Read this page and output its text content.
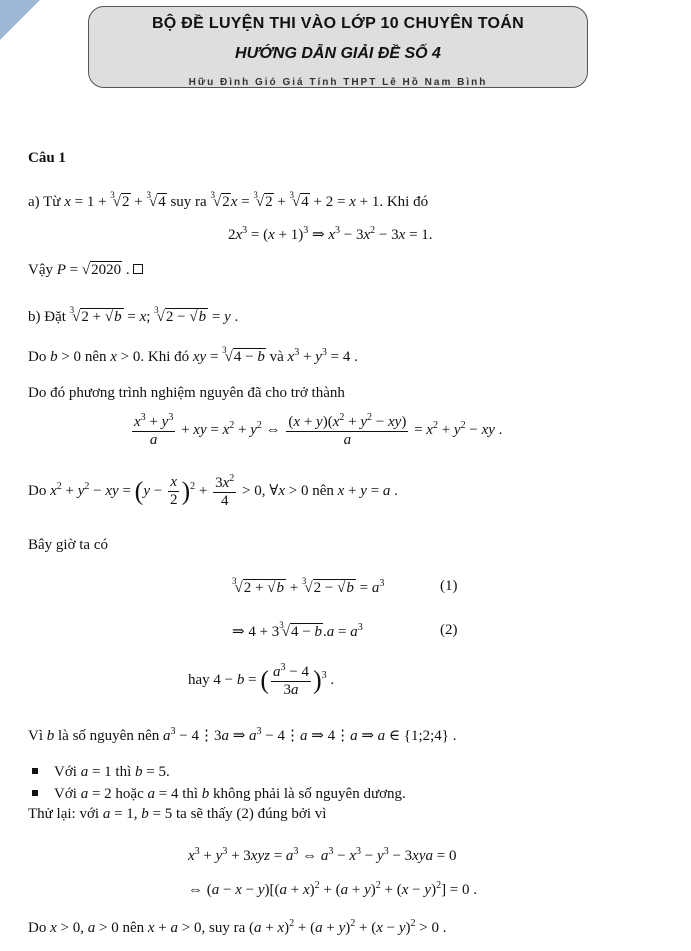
BỘ ĐỀ LUYỆN THI VÀO LỚP 10 CHUYÊN TOÁN
HƯỚNG DẪN GIẢI ĐỀ SỐ 4
Hữu Đình Gió Giá Tính THPT Lê Hồ Nam Bình
Câu 1
a) Từ x = 1 + $^3$√2 + $^3$√4 suy ra $^3$√2x = $^3$√2 + $^3$√4 + 2 = x + 1. Khi đó
$2x^3 = (x + 1)^3$ ⇒ $x^3 - 3x^2 - 3x = 1$.
Vậy P = √2020 .
b) Đặt $^3$√2 + √b = x; $^3$√2 − √b = y .
Do b > 0 nên x > 0. Khi đó xy = $^3$√4 − b và $x^3 + y^3 = 4$ .
Do đó phương trình nghiệm nguyên đã cho trở thành
$\frac{x^3 + y^3}{a}$ + xy = $x^2 + y^2$ ⇔ $\frac{(x + y)(x^2 + y^2 - xy)}{a} = x^2 + y^2$ − xy .
Do $x^2 + y^2$ − xy = $(y - \frac{x}{2} )^2 + \frac{3x^2}{4} > 0$, ∀x > 0 nên x + y = a .
Bây giờ ta có
$^3√2 + √b + ^3√2 - √b = a^3$	(1)
⇒ $4 + 3^3√4 - b.a = a^3$	(2)
hay 4 − b = ( $\frac{a^3 - 4}{3a} )^3$ .
Vì b là số nguyên nên $a^3$ − 4⋮3a ⇒ $a^3$ − 4⋮a ⇒ 4⋮a ⇒ a ∈ {1;2;4} .
Với a = 1 thì b = 5.
Với a = 2 hoặc a = 4 thì b không phải là số nguyên dương.
Thử lại: với a = 1, b = 5 ta sẽ thấy (2) đúng bởi vì
$x^3 + y^3 + 3xyz = a^3$ ⇔ $a^3 - x^3 - y^3 - 3xya = 0$
⇔ $(a - x - y)[(a + x)^2 + (a + y)^2 + (x - y)^2] = 0$ .
Do x > 0, a > 0 nên x + a > 0, suy ra $(a + x)^2 + (a + y)^2 + (x - y)^2 > 0$ .
